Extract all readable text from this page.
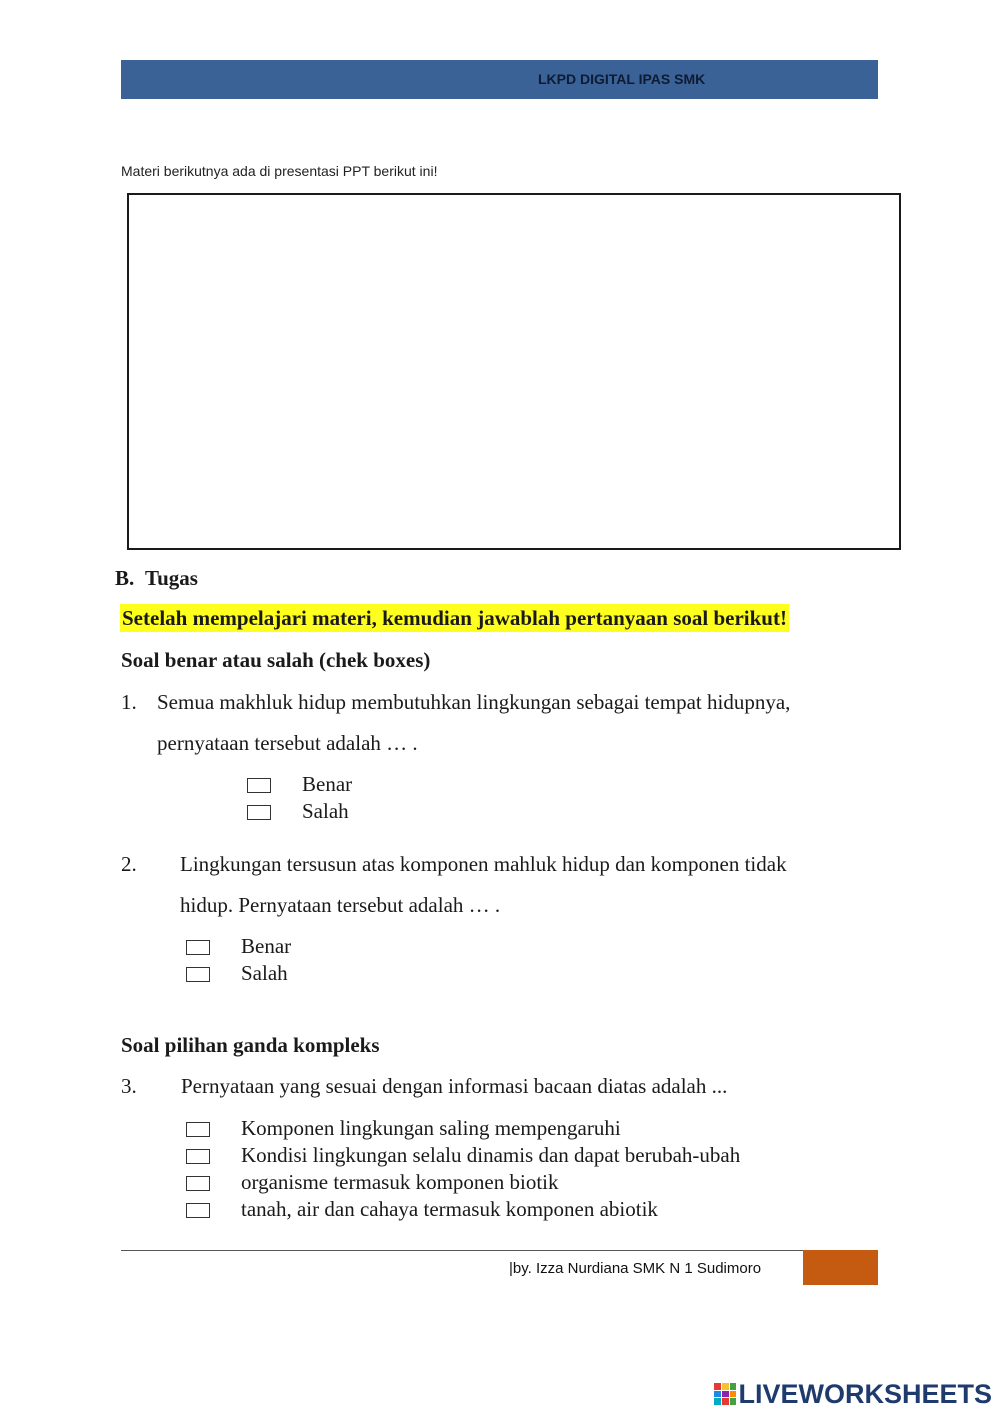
LKPD DIGITAL IPAS SMK
Materi berikutnya ada di presentasi PPT berikut ini!
B. Tugas
Setelah mempelajari materi, kemudian jawablah pertanyaan soal berikut!
Soal benar atau salah (chek boxes)
1. Semua makhluk hidup membutuhkan lingkungan sebagai tempat hidupnya,
pernyataan tersebut adalah … .
Benar
Salah
2. Lingkungan tersusun atas komponen mahluk hidup dan komponen tidak
hidup. Pernyataan tersebut adalah … .
Benar
Salah
Soal pilihan ganda kompleks
3. Pernyataan yang sesuai dengan informasi bacaan diatas adalah ...
Komponen lingkungan saling mempengaruhi
Kondisi lingkungan selalu dinamis dan dapat berubah-ubah
organisme termasuk komponen biotik
tanah, air dan cahaya termasuk komponen abiotik
|by. Izza Nurdiana SMK N 1 Sudimoro
LIVEWORKSHEETS
